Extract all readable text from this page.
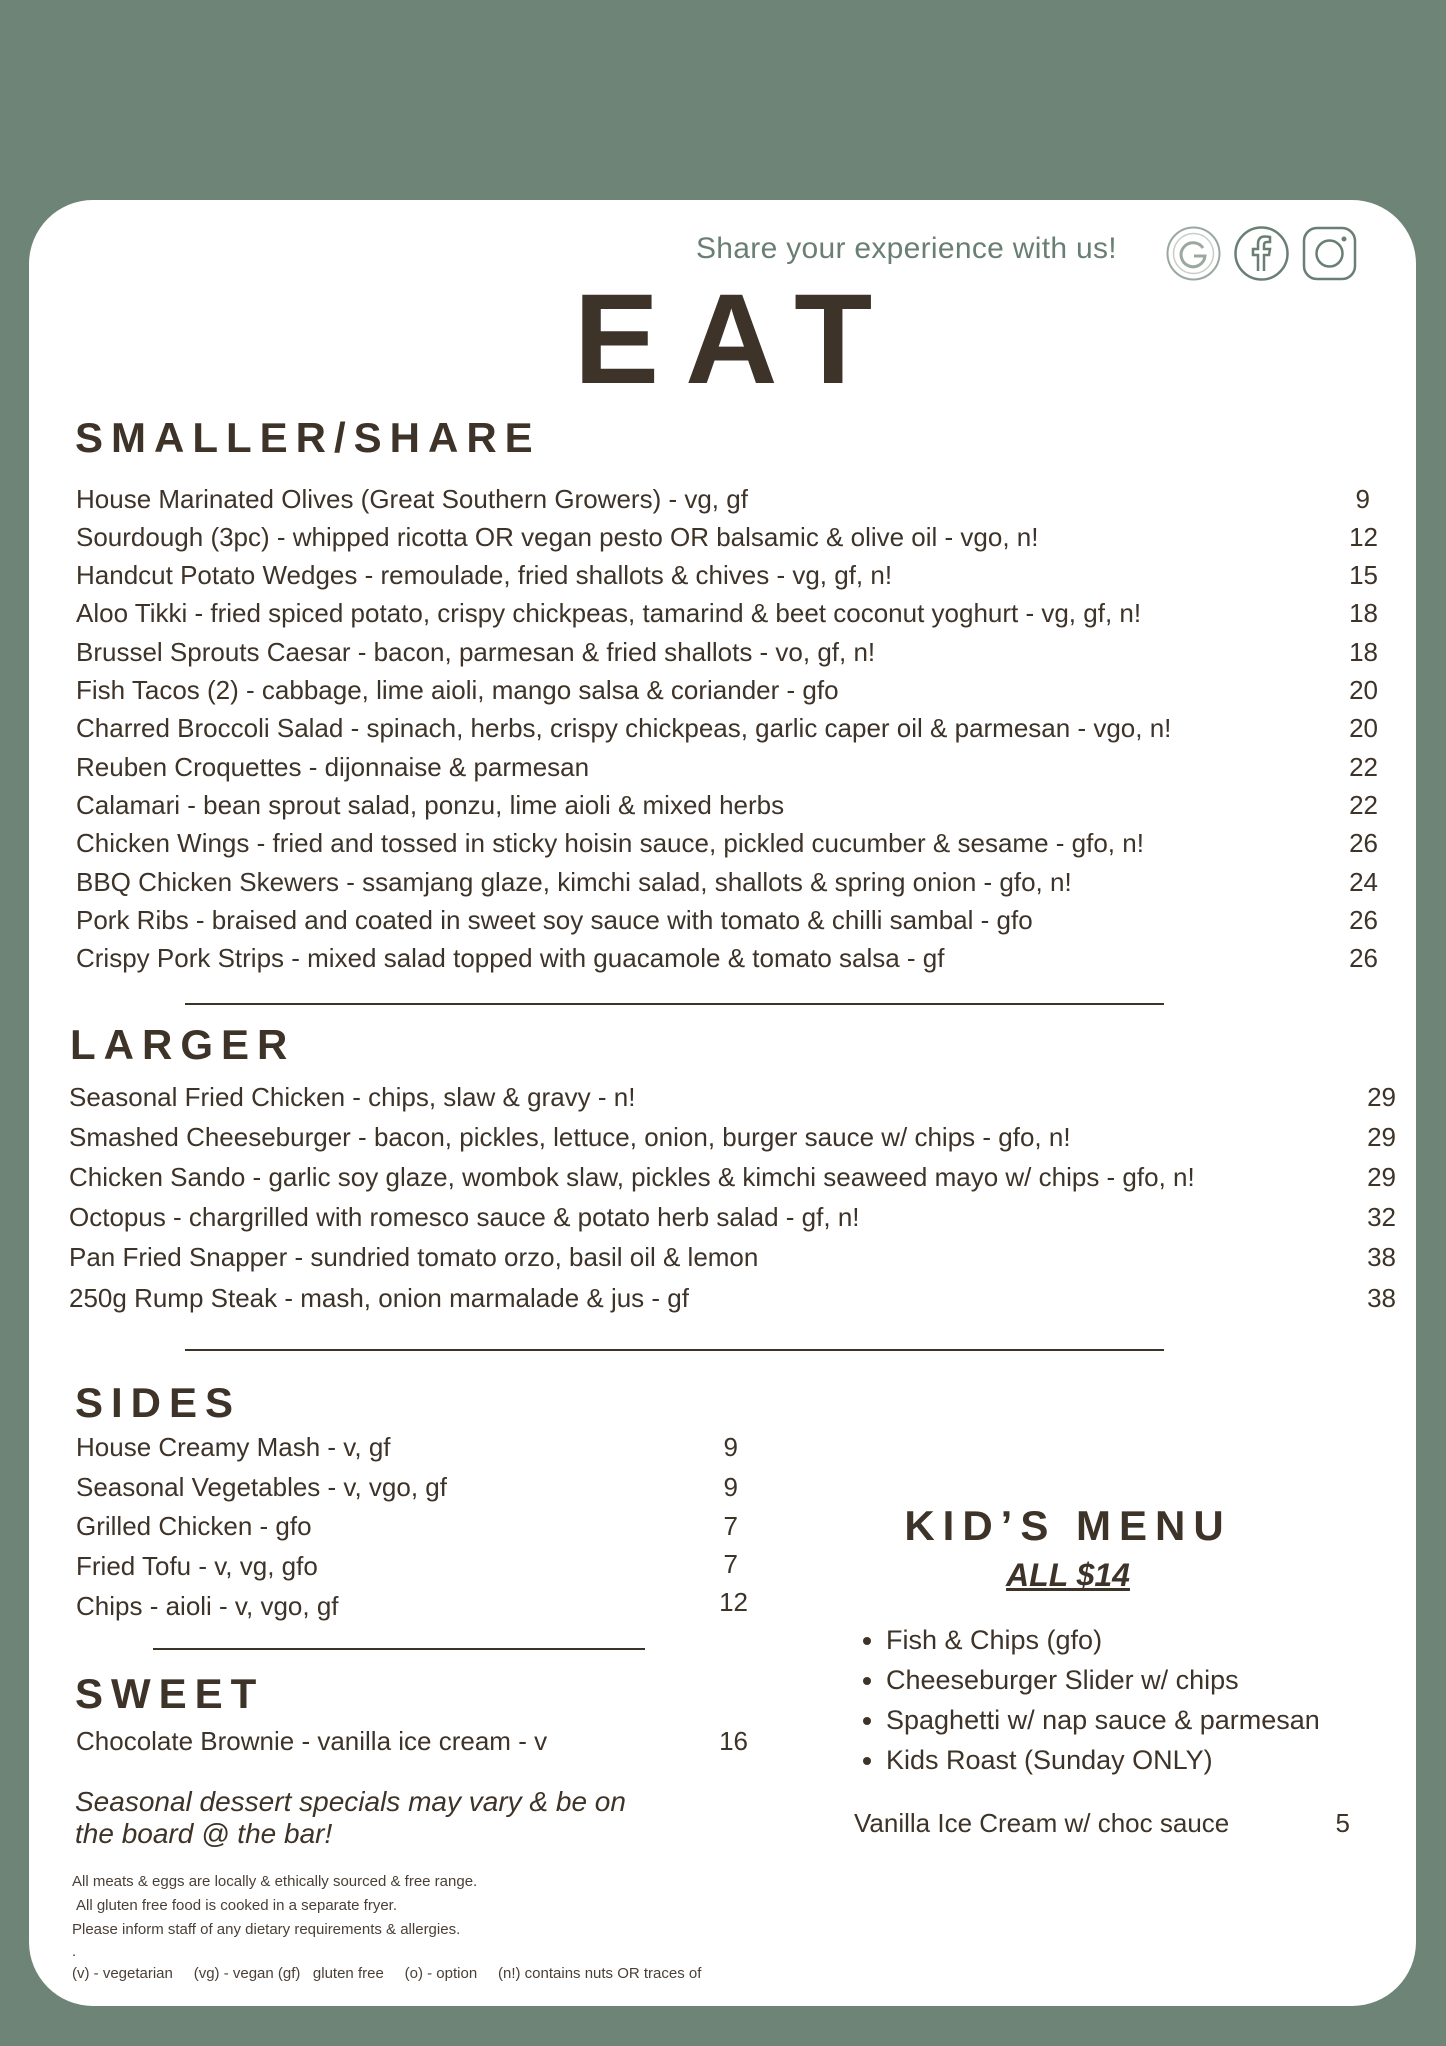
Share your experience with us!
EAT
SMALLER/SHARE
House Marinated Olives (Great Southern Growers) - vg, gf	9
Sourdough (3pc) - whipped ricotta OR vegan pesto OR balsamic & olive oil - vgo, n!	12
Handcut Potato Wedges - remoulade, fried shallots & chives - vg, gf, n!	15
Aloo Tikki - fried spiced potato, crispy chickpeas, tamarind & beet coconut yoghurt - vg, gf, n!	18
Brussel Sprouts Caesar - bacon, parmesan & fried shallots - vo, gf, n!	18
Fish Tacos (2) - cabbage, lime aioli, mango salsa & coriander - gfo	20
Charred Broccoli Salad - spinach, herbs, crispy chickpeas, garlic caper oil & parmesan - vgo, n!	20
Reuben Croquettes - dijonnaise & parmesan	22
Calamari - bean sprout salad, ponzu, lime aioli & mixed herbs	22
Chicken Wings - fried and tossed in sticky hoisin sauce, pickled cucumber & sesame - gfo, n!	26
BBQ Chicken Skewers - ssamjang glaze, kimchi salad, shallots & spring onion - gfo, n!	24
Pork Ribs - braised and coated in sweet soy sauce with tomato & chilli sambal - gfo	26
Crispy Pork Strips - mixed salad topped with guacamole & tomato salsa - gf	26
LARGER
Seasonal Fried Chicken - chips, slaw & gravy - n!	29
Smashed Cheeseburger - bacon, pickles, lettuce, onion, burger sauce w/ chips - gfo, n!	29
Chicken Sando - garlic soy glaze, wombok slaw, pickles & kimchi seaweed mayo w/ chips - gfo, n!	29
Octopus - chargrilled with romesco sauce & potato herb salad - gf, n!	32
Pan Fried Snapper - sundried tomato orzo, basil oil & lemon	38
250g Rump Steak - mash, onion marmalade & jus - gf	38
SIDES
House Creamy Mash - v, gf	9
Seasonal Vegetables - v, vgo, gf	9
Grilled Chicken - gfo	7
Fried Tofu - v, vg, gfo	7
Chips - aioli - v, vgo, gf	12
SWEET
Chocolate Brownie - vanilla ice cream - v	16
Seasonal dessert specials may vary & be on
the board @ the bar!
KID’S MENU
ALL $14
• Fish & Chips (gfo)
• Cheeseburger Slider w/ chips
• Spaghetti w/ nap sauce & parmesan
• Kids Roast (Sunday ONLY)
Vanilla Ice Cream w/ choc sauce	5
All meats & eggs are locally & ethically sourced & free range.
All gluten free food is cooked in a separate fryer.
Please inform staff of any dietary requirements & allergies.
.
(v) - vegetarian     (vg) - vegan (gf)   gluten free     (o) - option     (n!) contains nuts OR traces of
